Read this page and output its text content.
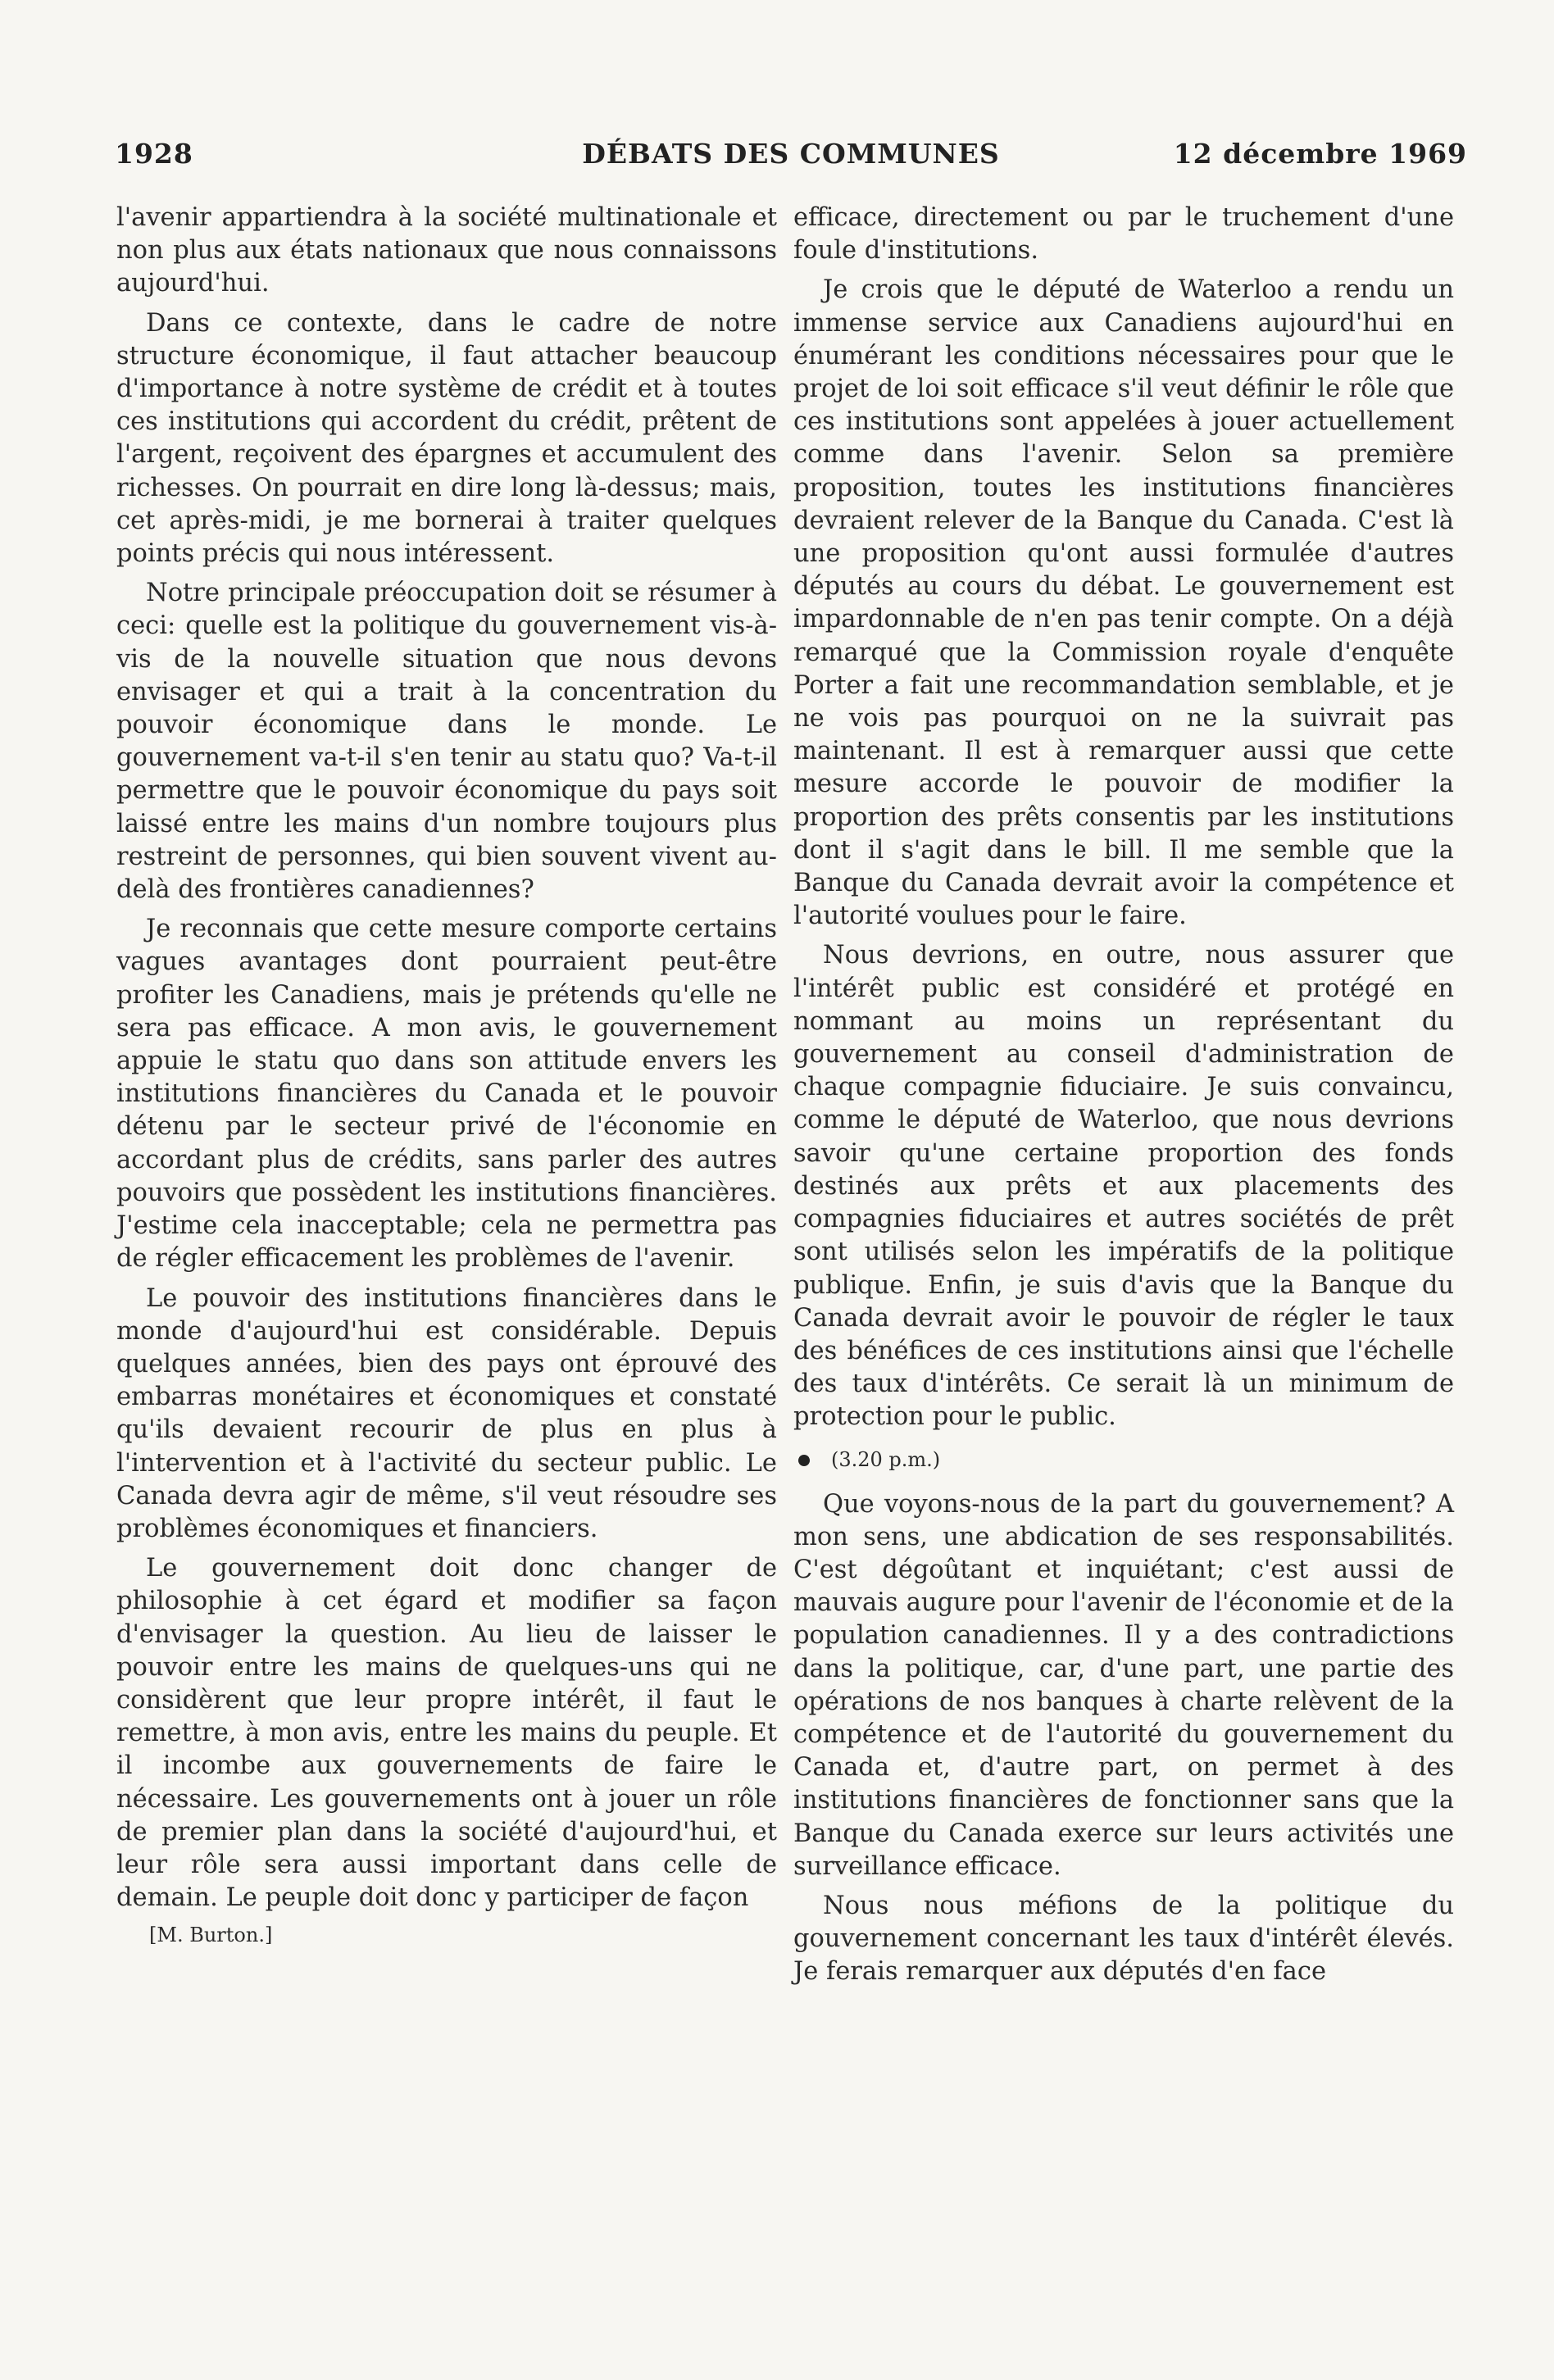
1928	DÉBATS DES COMMUNES	12 décembre 1969

l'avenir appartiendra à la société multinationale et non plus aux états nationaux que nous connaissons aujourd'hui.

Dans ce contexte, dans le cadre de notre structure économique, il faut attacher beaucoup d'importance à notre système de crédit et à toutes ces institutions qui accordent du crédit, prêtent de l'argent, reçoivent des épargnes et accumulent des richesses. On pourrait en dire long là-dessus; mais, cet après-midi, je me bornerai à traiter quelques points précis qui nous intéressent.

Notre principale préoccupation doit se résumer à ceci: quelle est la politique du gouvernement vis-à-vis de la nouvelle situation que nous devons envisager et qui a trait à la concentration du pouvoir économique dans le monde. Le gouvernement va-t-il s'en tenir au statu quo? Va-t-il permettre que le pouvoir économique du pays soit laissé entre les mains d'un nombre toujours plus restreint de personnes, qui bien souvent vivent au-delà des frontières canadiennes?

Je reconnais que cette mesure comporte certains vagues avantages dont pourraient peut-être profiter les Canadiens, mais je prétends qu'elle ne sera pas efficace. A mon avis, le gouvernement appuie le statu quo dans son attitude envers les institutions financières du Canada et le pouvoir détenu par le secteur privé de l'économie en accordant plus de crédits, sans parler des autres pouvoirs que possèdent les institutions financières. J'estime cela inacceptable; cela ne permettra pas de régler efficacement les problèmes de l'avenir.

Le pouvoir des institutions financières dans le monde d'aujourd'hui est considérable. Depuis quelques années, bien des pays ont éprouvé des embarras monétaires et économiques et constaté qu'ils devaient recourir de plus en plus à l'intervention et à l'activité du secteur public. Le Canada devra agir de même, s'il veut résoudre ses problèmes économiques et financiers.

Le gouvernement doit donc changer de philosophie à cet égard et modifier sa façon d'envisager la question. Au lieu de laisser le pouvoir entre les mains de quelques-uns qui ne considèrent que leur propre intérêt, il faut le remettre, à mon avis, entre les mains du peuple. Et il incombe aux gouvernements de faire le nécessaire. Les gouvernements ont à jouer un rôle de premier plan dans la société d'aujourd'hui, et leur rôle sera aussi important dans celle de demain. Le peuple doit donc y participer de façon

[M. Burton.]

efficace, directement ou par le truchement d'une foule d'institutions.

Je crois que le député de Waterloo a rendu un immense service aux Canadiens aujourd'hui en énumérant les conditions nécessaires pour que le projet de loi soit efficace s'il veut définir le rôle que ces institutions sont appelées à jouer actuellement comme dans l'avenir. Selon sa première proposition, toutes les institutions financières devraient relever de la Banque du Canada. C'est là une proposition qu'ont aussi formulée d'autres députés au cours du débat. Le gouvernement est impardonnable de n'en pas tenir compte. On a déjà remarqué que la Commission royale d'enquête Porter a fait une recommandation semblable, et je ne vois pas pourquoi on ne la suivrait pas maintenant. Il est à remarquer aussi que cette mesure accorde le pouvoir de modifier la proportion des prêts consentis par les institutions dont il s'agit dans le bill. Il me semble que la Banque du Canada devrait avoir la compétence et l'autorité voulues pour le faire.

Nous devrions, en outre, nous assurer que l'intérêt public est considéré et protégé en nommant au moins un représentant du gouvernement au conseil d'administration de chaque compagnie fiduciaire. Je suis convaincu, comme le député de Waterloo, que nous devrions savoir qu'une certaine proportion des fonds destinés aux prêts et aux placements des compagnies fiduciaires et autres sociétés de prêt sont utilisés selon les impératifs de la politique publique. Enfin, je suis d'avis que la Banque du Canada devrait avoir le pouvoir de régler le taux des bénéfices de ces institutions ainsi que l'échelle des taux d'intérêts. Ce serait là un minimum de protection pour le public.

(3.20 p.m.)

Que voyons-nous de la part du gouvernement? A mon sens, une abdication de ses responsabilités. C'est dégoûtant et inquiétant; c'est aussi de mauvais augure pour l'avenir de l'économie et de la population canadiennes. Il y a des contradictions dans la politique, car, d'une part, une partie des opérations de nos banques à charte relèvent de la compétence et de l'autorité du gouvernement du Canada et, d'autre part, on permet à des institutions financières de fonctionner sans que la Banque du Canada exerce sur leurs activités une surveillance efficace.

Nous nous méfions de la politique du gouvernement concernant les taux d'intérêt élevés. Je ferais remarquer aux députés d'en face
